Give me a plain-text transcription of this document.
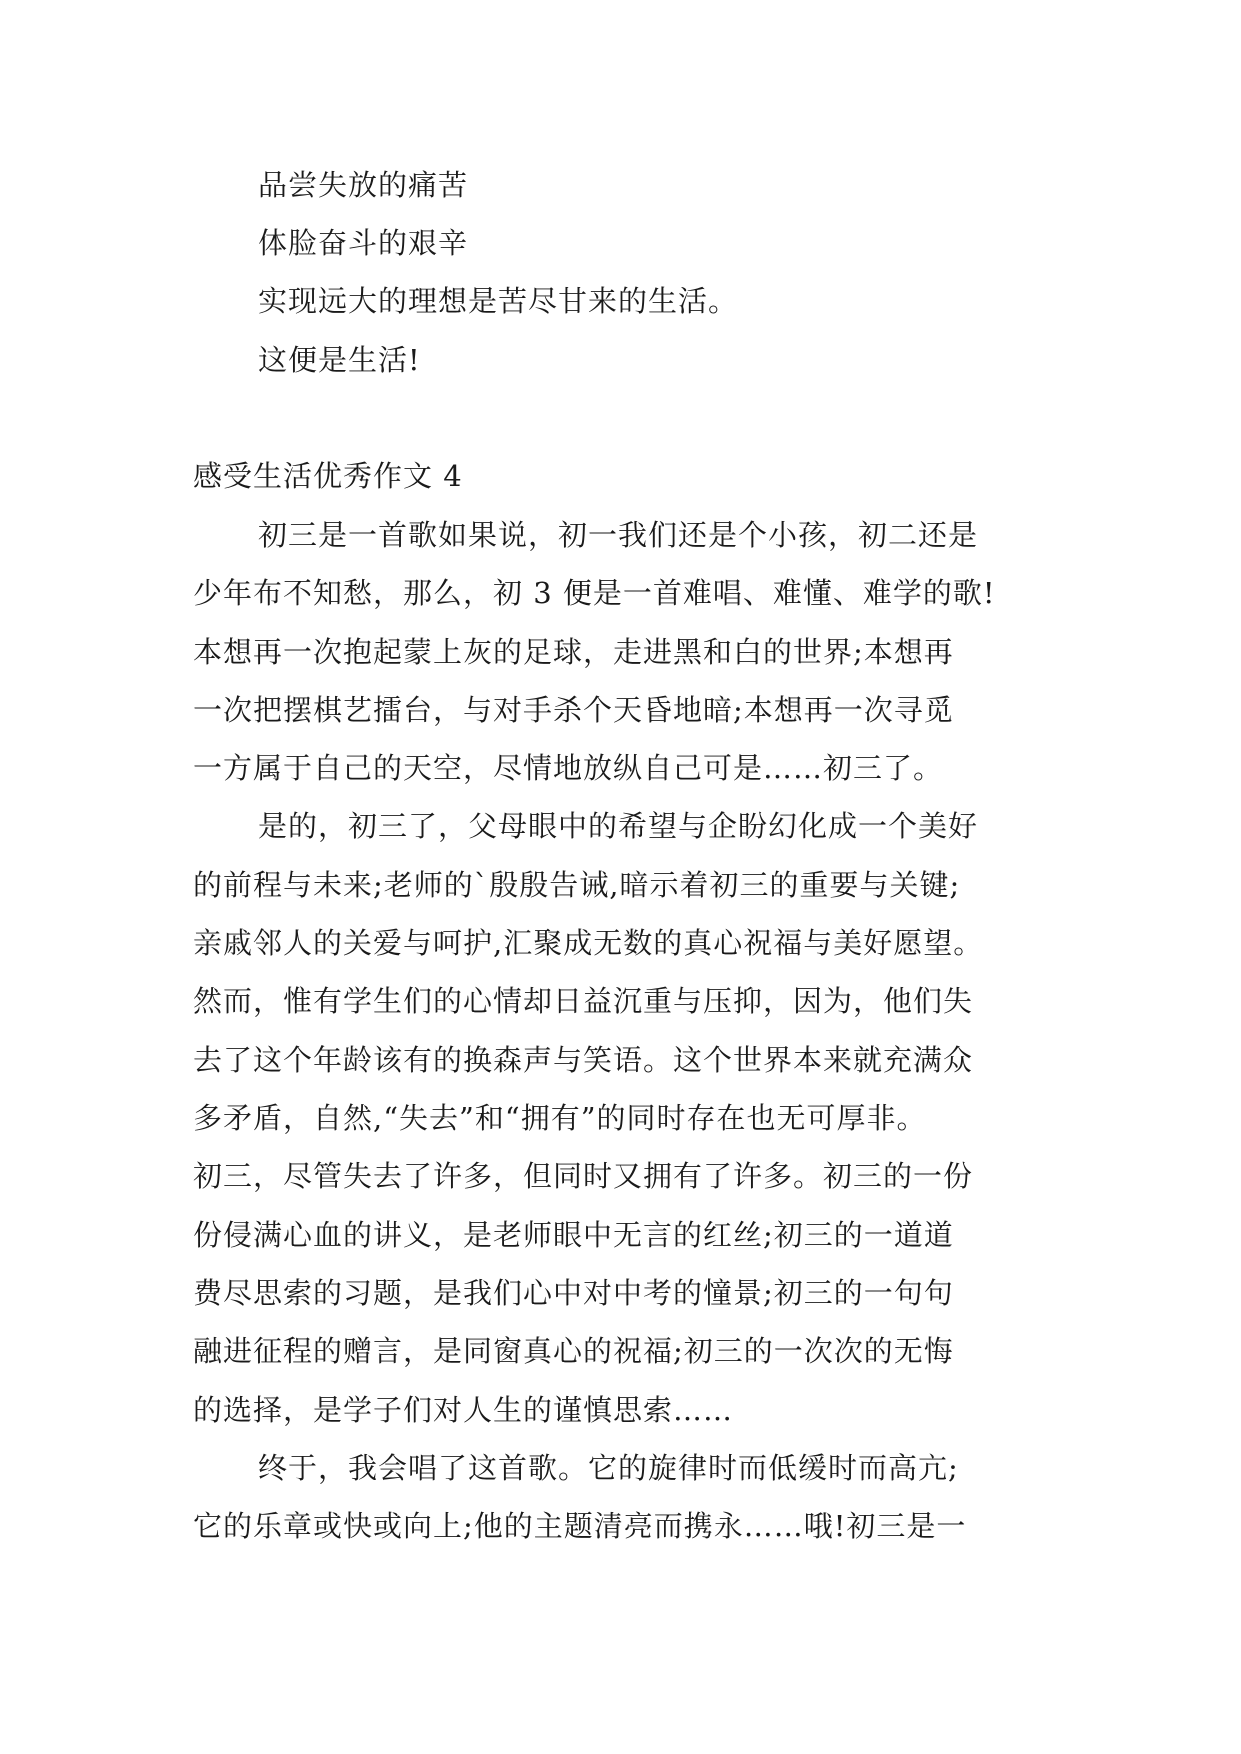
品尝失放的痛苦
体脸奋斗的艰辛
实现远大的理想是苦尽甘来的生活。
这便是生活!
感受生活优秀作文 4
初三是一首歌如果说，初一我们还是个小孩，初二还是
少年布不知愁，那么，初 3 便是一首难唱、难懂、难学的歌!
本想再一次抱起蒙上灰的足球，走进黑和白的世界;本想再
一次把摆棋艺擂台，与对手杀个天昏地暗;本想再一次寻觅
一方属于自己的天空，尽情地放纵自己可是……初三了。
是的，初三了，父母眼中的希望与企盼幻化成一个美好
的前程与未来;老师的`殷殷告诫,暗示着初三的重要与关键;
亲戚邻人的关爱与呵护,汇聚成无数的真心祝福与美好愿望。
然而，惟有学生们的心情却日益沉重与压抑，因为，他们失
去了这个年龄该有的换森声与笑语。这个世界本来就充满众
多矛盾，自然,“失去”和“拥有”的同时存在也无可厚非。
初三，尽管失去了许多，但同时又拥有了许多。初三的一份
份侵满心血的讲义，是老师眼中无言的红丝;初三的一道道
费尽思索的习题，是我们心中对中考的憧景;初三的一句句
融进征程的赠言，是同窗真心的祝福;初三的一次次的无悔
的选择，是学子们对人生的谨慎思索……
终于，我会唱了这首歌。它的旋律时而低缓时而高亢;
它的乐章或快或向上;他的主题清亮而携永……哦!初三是一
